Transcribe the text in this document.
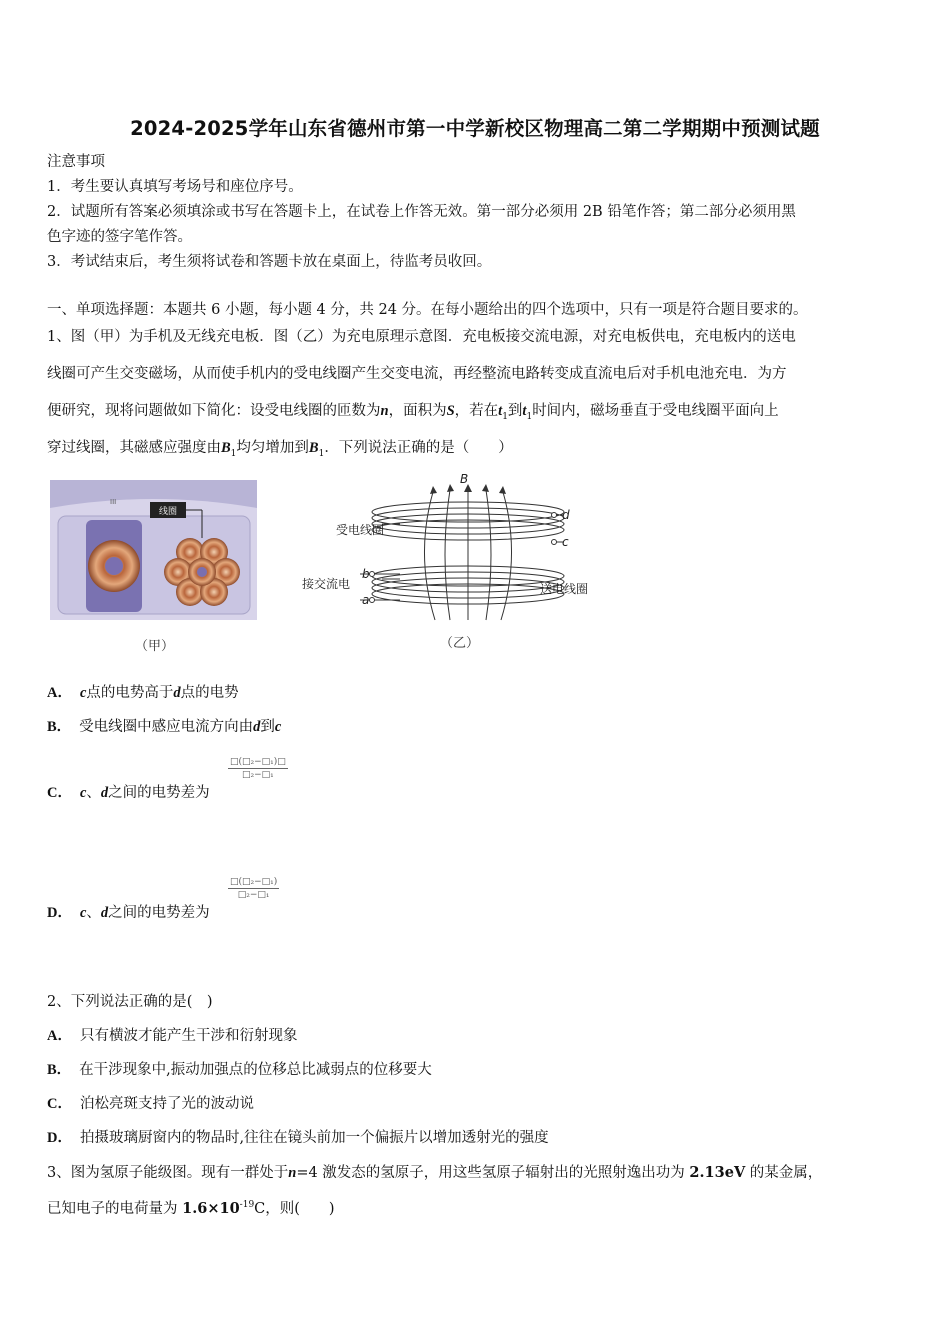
2024-2025学年山东省德州市第一中学新校区物理高二第二学期期中预测试题
注意事项
1．考生要认真填写考场号和座位序号。
2．试题所有答案必须填涂或书写在答题卡上，在试卷上作答无效。第一部分必须用 2B 铅笔作答；第二部分必须用黑
色字迹的签字笔作答。
3．考试结束后，考生须将试卷和答题卡放在桌面上，待监考员收回。
一、单项选择题：本题共 6 小题，每小题 4 分，共 24 分。在每小题给出的四个选项中，只有一项是符合题目要求的。
1、图（甲）为手机及无线充电板．图（乙）为充电原理示意图．充电板接交流电源，对充电板供电，充电板内的送电
线圈可产生交变磁场，从而使手机内的受电线圈产生交变电流，再经整流电路转变成直流电后对手机电池充电．为方
便研究，现将问题做如下简化：设受电线圈的匝数为n，面积为S，若在$t_1$到$t_1$时间内，磁场垂直于受电线圈平面向上
穿过线圈，其磁感应强度由$B_1$均匀增加到$B_1$．下列说法正确的是（　　）
线圈
III
（甲）
B
受电线圈
接交流电	送电线圈
d
c
b
a
（乙）
A． c点的电势高于d点的电势
B． 受电线圈中感应电流方向由d到c
C． c、d之间的电势差为
□(□₂−□₁)□
□₂−□₁
D． c、d之间的电势差为
□(□₂−□₁)
□₂−□₁
2、下列说法正确的是(　)
A． 只有横波才能产生干涉和衍射现象
B． 在干涉现象中,振动加强点的位移总比减弱点的位移要大
C． 泊松亮斑支持了光的波动说
D． 拍摄玻璃厨窗内的物品时,往往在镜头前加一个偏振片以增加透射光的强度
3、图为氢原子能级图。现有一群处于n=4 激发态的氢原子，用这些氢原子辐射出的光照射逸出功为 2.13eV 的某金属，
已知电子的电荷量为 $1.6\times 10^{-19}C$，则(　　)
